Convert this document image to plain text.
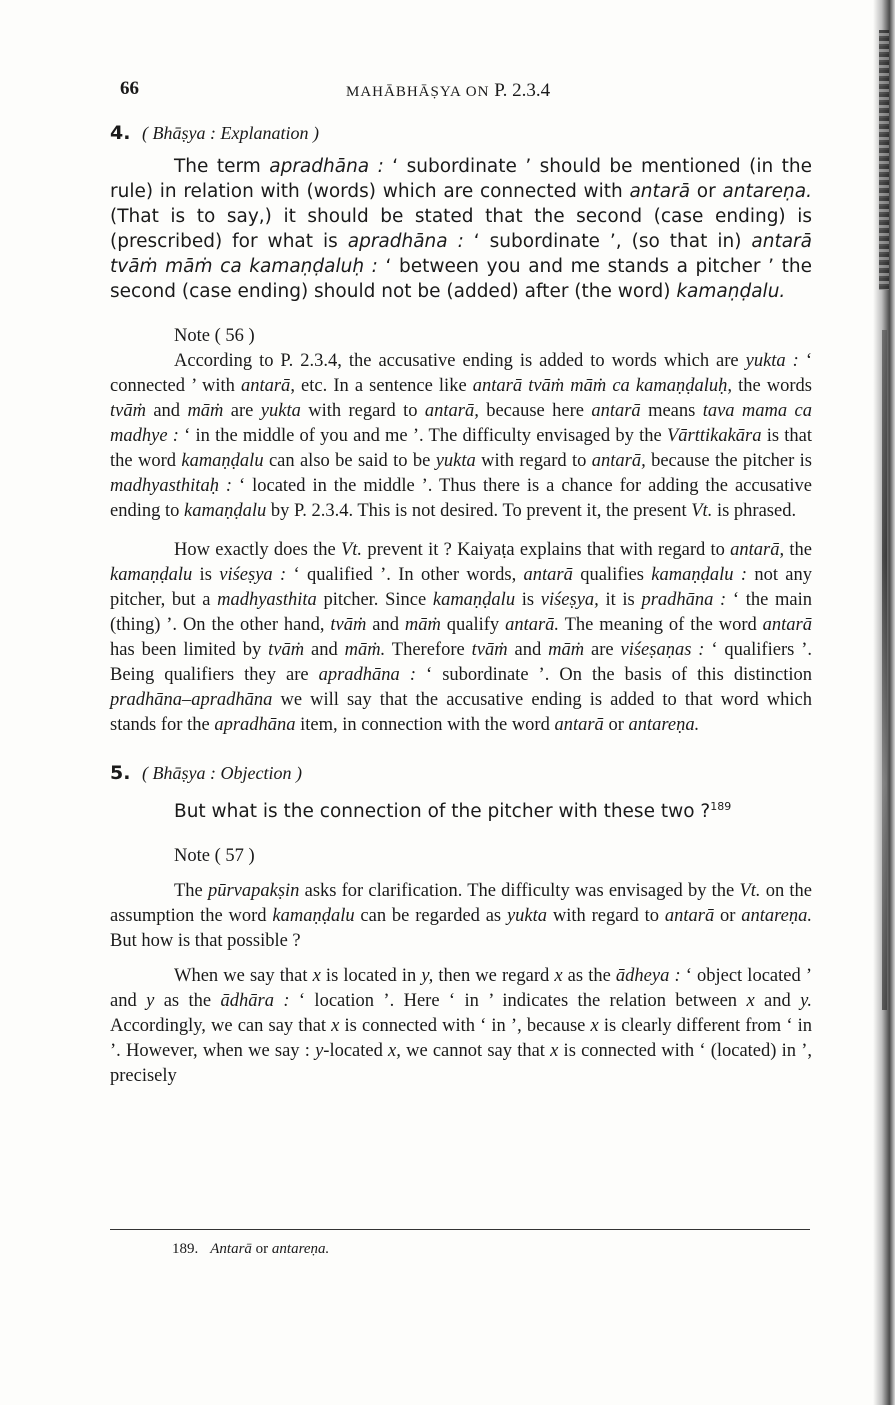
66	MAHĀBHĀṢYA ON P. 2.3.4
4. ( Bhāṣya : Explanation )

The term apradhāna : ‘ subordinate ’ should be mentioned (in the rule) in relation with (words) which are connected with antarā or antareṇa. (That is to say,) it should be stated that the second (case ending) is (prescribed) for what is apradhāna : ‘ subordinate ’, (so that in) antarā tvāṁ māṁ ca kamaṇḍaluḥ : ‘ between you and me stands a pitcher ’ the second (case ending) should not be (added) after (the word) kamaṇḍalu.

Note ( 56 )

According to P. 2.3.4, the accusative ending is added to words which are yukta : ‘ connected ’ with antarā, etc. In a sentence like antarā tvāṁ māṁ ca kamaṇḍaluḥ, the words tvāṁ and māṁ are yukta with regard to antarā, because here antarā means tava mama ca madhye : ‘ in the middle of you and me ’. The difficulty envisaged by the Vārttikakāra is that the word kamaṇḍalu can also be said to be yukta with regard to antarā, because the pitcher is madhyasthitaḥ : ‘ located in the middle ’. Thus there is a chance for adding the accusative ending to kamaṇḍalu by P. 2.3.4. This is not desired. To prevent it, the present Vt. is phrased.

How exactly does the Vt. prevent it ? Kaiyaṭa explains that with regard to antarā, the kamaṇḍalu is viśeṣya : ‘ qualified ’. In other words, antarā qualifies kamaṇḍalu : not any pitcher, but a madhyasthita pitcher. Since kamaṇḍalu is viśeṣya, it is pradhāna : ‘ the main (thing) ’. On the other hand, tvāṁ and māṁ qualify antarā. The meaning of the word antarā has been limited by tvāṁ and māṁ. Therefore tvāṁ and māṁ are viśeṣaṇas : ‘ qualifiers ’. Being qualifiers they are apradhāna : ‘ subordinate ’. On the basis of this distinction pradhāna–apradhāna we will say that the accusative ending is added to that word which stands for the apradhāna item, in connection with the word antarā or antareṇa.

5. ( Bhāṣya : Objection )

But what is the connection of the pitcher with these two ?$^{189}$

Note ( 57 )

The pūrvapakṣin asks for clarification. The difficulty was envisaged by the Vt. on the assumption the word kamaṇḍalu can be regarded as yukta with regard to antarā or antareṇa. But how is that possible ?

When we say that x is located in y, then we regard x as the ādheya : ‘ object located ’ and y as the ādhāra : ‘ location ’. Here ‘ in ’ indicates the relation between x and y. Accordingly, we can say that x is connected with ‘ in ’, because x is clearly different from ‘ in ’. However, when we say : y-located x, we cannot say that x is connected with ‘ (located) in ’, precisely

189. Antarā or antareṇa.
